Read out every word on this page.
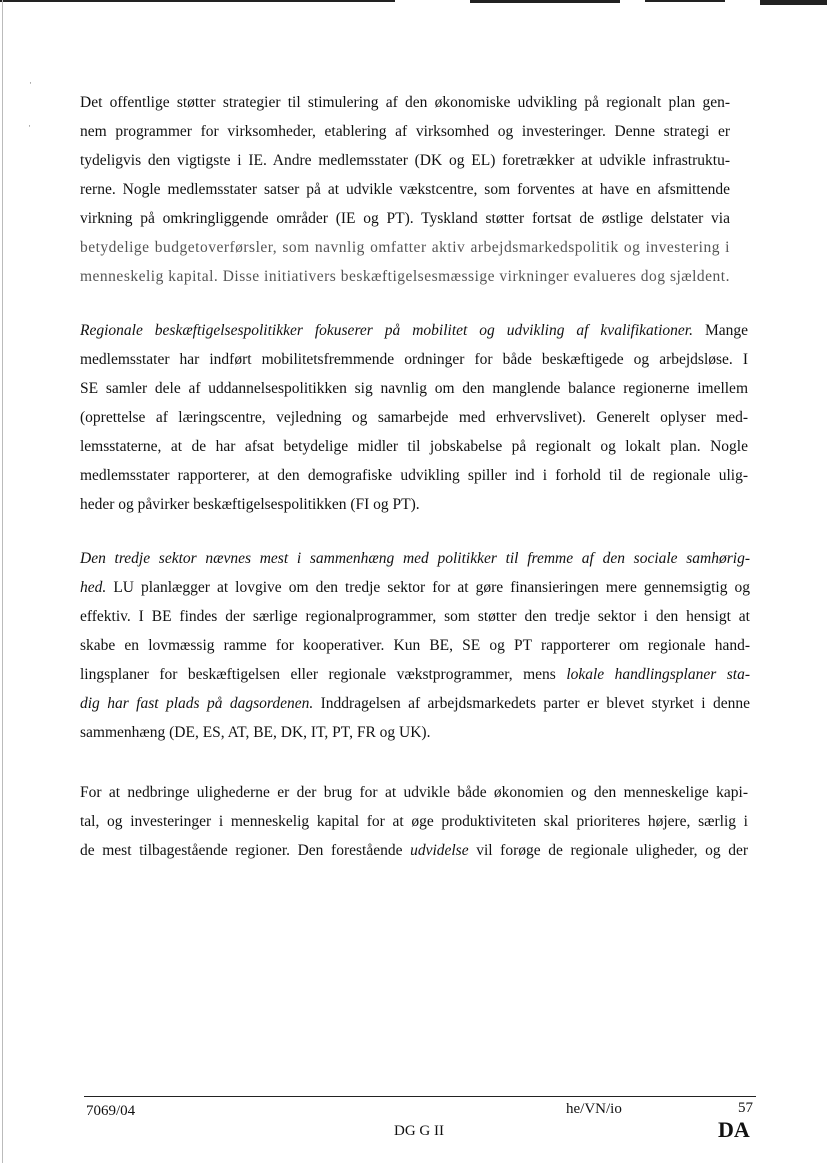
·
·
Det offentlige støtter strategier til stimulering af den økonomiske udvikling på regionalt plan gen-
nem programmer for virksomheder, etablering af virksomhed og investeringer. Denne strategi er
tydeligvis den vigtigste i IE. Andre medlemsstater (DK og EL) foretrækker at udvikle infrastruktu-
rerne. Nogle medlemsstater satser på at udvikle vækstcentre, som forventes at have en afsmittende
virkning på omkringliggende områder (IE og PT). Tyskland støtter fortsat de østlige delstater via
betydelige budgetoverførsler, som navnlig omfatter aktiv arbejdsmarkedspolitik og investering i
menneskelig kapital. Disse initiativers beskæftigelsesmæssige virkninger evalueres dog sjældent.
Regionale beskæftigelsespolitikker fokuserer på mobilitet og udvikling af kvalifikationer. Mange
medlemsstater har indført mobilitetsfremmende ordninger for både beskæftigede og arbejdsløse. I
SE samler dele af uddannelsespolitikken sig navnlig om den manglende balance regionerne imellem
(oprettelse af læringscentre, vejledning og samarbejde med erhvervslivet). Generelt oplyser med-
lemsstaterne, at de har afsat betydelige midler til jobskabelse på regionalt og lokalt plan. Nogle
medlemsstater rapporterer, at den demografiske udvikling spiller ind i forhold til de regionale ulig-
heder og påvirker beskæftigelsespolitikken (FI og PT).
Den tredje sektor nævnes mest i sammenhæng med politikker til fremme af den sociale samhørig-
hed. LU planlægger at lovgive om den tredje sektor for at gøre finansieringen mere gennemsigtig og
effektiv. I BE findes der særlige regionalprogrammer, som støtter den tredje sektor i den hensigt at
skabe en lovmæssig ramme for kooperativer. Kun BE, SE og PT rapporterer om regionale hand-
lingsplaner for beskæftigelsen eller regionale vækstprogrammer, mens lokale handlingsplaner sta-
dig har fast plads på dagsordenen. Inddragelsen af arbejdsmarkedets parter er blevet styrket i denne
sammenhæng (DE, ES, AT, BE, DK, IT, PT, FR og UK).
For at nedbringe ulighederne er der brug for at udvikle både økonomien og den menneskelige kapi-
tal, og investeringer i menneskelig kapital for at øge produktiviteten skal prioriteres højere, særlig i
de mest tilbagestående regioner. Den forestående udvidelse vil forøge de regionale uligheder, og der
7069/04	he/VN/io	57
DG G II	DA
